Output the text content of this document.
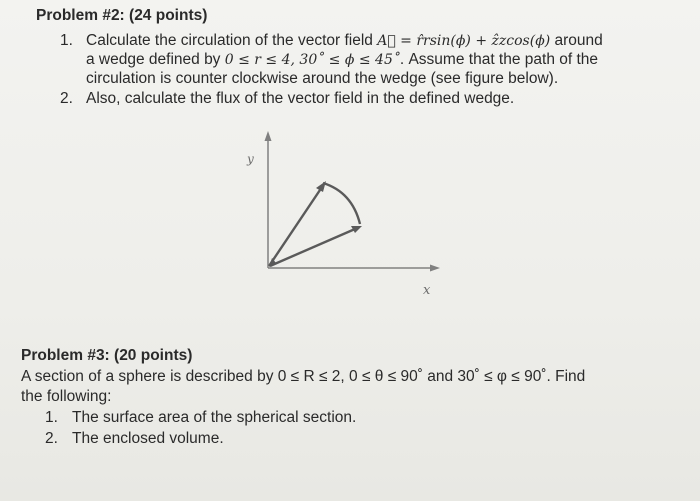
Problem #2: (24 points)
1. Calculate the circulation of the vector field A⃗ = r̂rsin(ϕ) + ẑzcos(ϕ) around
a wedge defined by 0 ≤ r ≤ 4, 30˚ ≤ ϕ ≤ 45˚. Assume that the path of the
circulation is counter clockwise around the wedge (see figure below).
2. Also, calculate the flux of the vector field in the defined wedge.
y
x
Problem #3: (20 points)
A section of a sphere is described by 0 ≤ R ≤ 2, 0 ≤ θ ≤ 90˚ and 30˚ ≤ φ ≤ 90˚. Find
the following:
1. The surface area of the spherical section.
2. The enclosed volume.
